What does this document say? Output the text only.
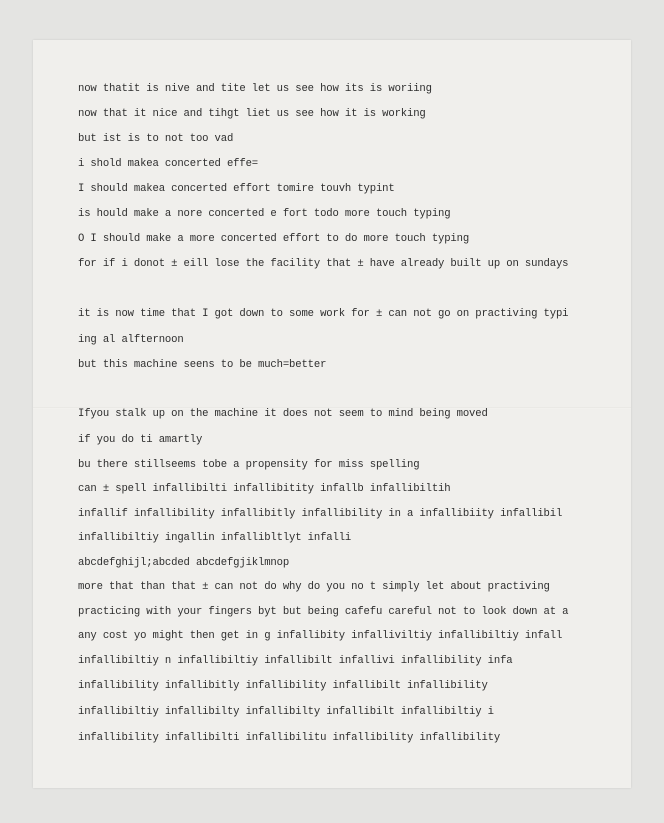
now thatit is nive and tite let us see how its is woriing
now that it nice and tihgt liet us see how it is working
but ist is to not too vad
i shold makea concerted effe=
I should makea concerted effort tomire touvh typint
is hould make a nore concerted e fort todo more touch typing
O I should make a more concerted effort to do more touch typing
for if i donot ± eill lose the facility that ± have already built up on sundays
it is now time that I got down to some work for ± can not go on practiving typi
ing al alfternoon
but this machine seens to be much=better
Ifyou stalk up on the machine it does not seem to mind being moved
if you do ti amartly
bu there stillseems tobe a propensity for miss spelling
can ± spell infallibilti infallibitity infallb infallibiltih
infallif infallibility infallibitly infallibility in a infallibiity infallibil
infallibiltiy ingallin infallibltlyt infalli
abcdefghijl;abcded abcdefgjiklmnop
more that than that ± can not do why do you no t simply let about practiving
practicing with your fingers byt but being cafefu careful not to look down at a
any cost yo might then get in g infallibity infalliviltiy infallibiltiy infall
infallibiltiy n infallibiltiy infallibilt infallivi infallibility infa
infallibility infallibitly infallibility infallibilt infallibility
infallibiltiy infallibilty infallibilty infallibilt infallibiltiy i
infallibility infallibilti infallibilitu infallibility infallibility
